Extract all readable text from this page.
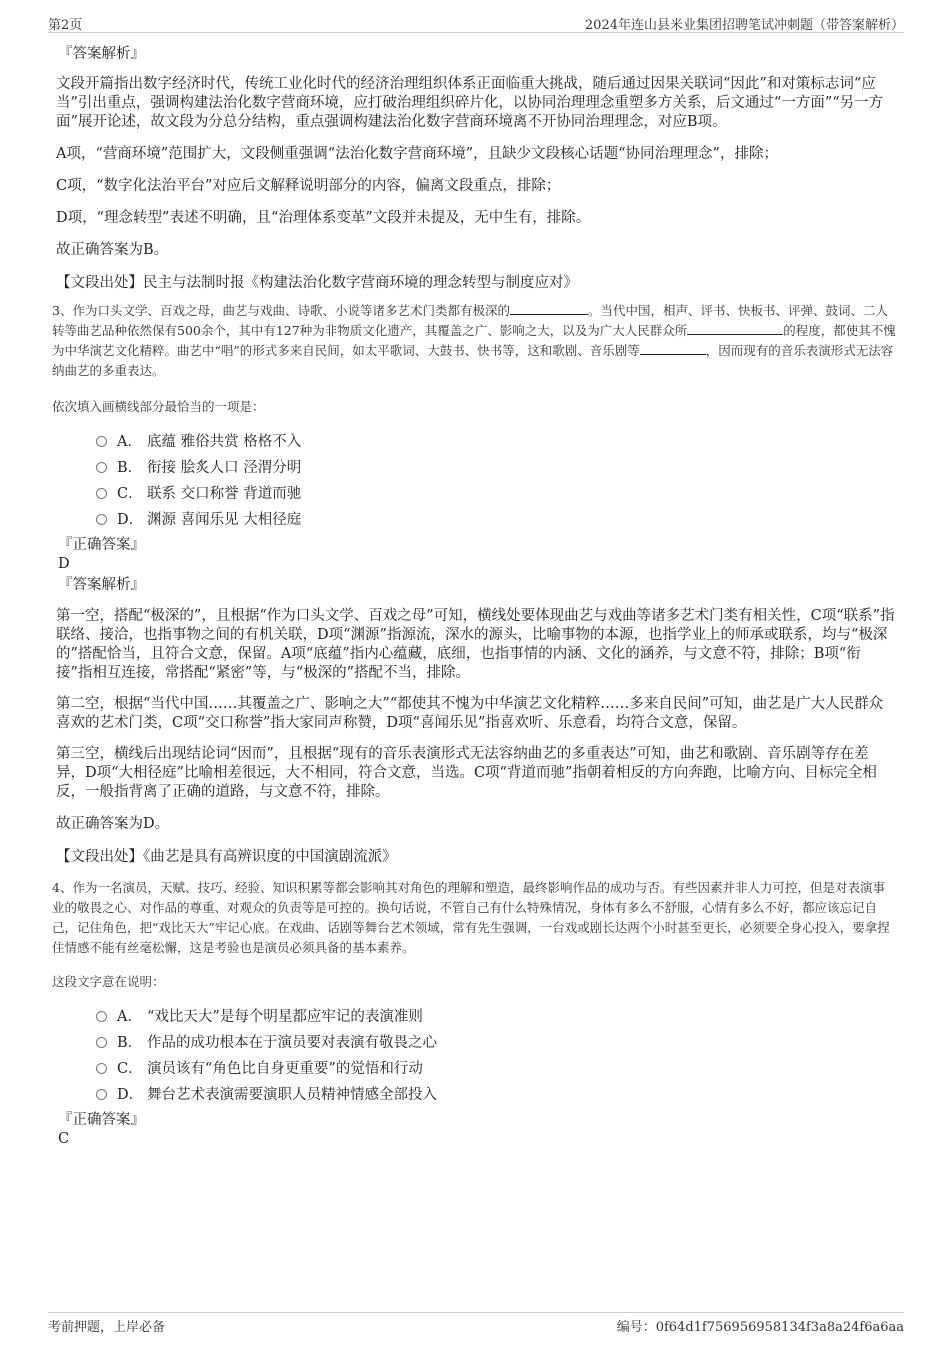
第2页	2024年连山县米业集团招聘笔试冲刺题（带答案解析）
『答案解析』

文段开篇指出数字经济时代，传统工业化时代的经济治理组织体系正面临重大挑战，随后通过因果关联词“因此”和对策标志词“应当”引出重点，强调构建法治化数字营商环境，应打破治理组织碎片化，以协同治理理念重塑多方关系，后文通过“一方面”“另一方面”展开论述，故文段为分总分结构，重点强调构建法治化数字营商环境离不开协同治理理念，对应B项。

A项，“营商环境”范围扩大，文段侧重强调“法治化数字营商环境”，且缺少文段核心话题“协同治理理念”，排除；

C项，“数字化法治平台”对应后文解释说明部分的内容，偏离文段重点，排除；

D项，“理念转型”表述不明确，且“治理体系变革”文段并未提及，无中生有，排除。

故正确答案为B。

【文段出处】民主与法制时报《构建法治化数字营商环境的理念转型与制度应对》

3、作为口头文学、百戏之母，曲艺与戏曲、诗歌、小说等诸多艺术门类都有极深的	。当代中国，相声、评书、快板书、评弹、鼓词、二人转等曲艺品种依然保有500余个，其中有127种为非物质文化遗产，其覆盖之广、影响之大，以及为广大人民群众所	的程度，都使其不愧为中华演艺文化精粹。曲艺中“唱”的形式多来自民间，如太平歌词、大鼓书、快书等，这和歌剧、音乐剧等	，因而现有的音乐表演形式无法容纳曲艺的多重表达。

依次填入画横线部分最恰当的一项是：

A． 底蕴 雅俗共赏 格格不入
B． 衔接 脍炙人口 泾渭分明
C． 联系 交口称誉 背道而驰
D． 渊源 喜闻乐见 大相径庭
『正确答案』

D

『答案解析』

第一空，搭配“极深的”，且根据“作为口头文学、百戏之母”可知，横线处要体现曲艺与戏曲等诸多艺术门类有相关性，C项“联系”指联络、接洽，也指事物之间的有机关联，D项“渊源”指源流，深水的源头，比喻事物的本源，也指学业上的师承或联系，均与“极深的”搭配恰当，且符合文意，保留。A项“底蕴”指内心蕴藏，底细，也指事情的内涵、文化的涵养，与文意不符，排除；B项“衔接”指相互连接，常搭配“紧密”等，与“极深的”搭配不当，排除。

第二空，根据“当代中国……其覆盖之广、影响之大”“都使其不愧为中华演艺文化精粹……多来自民间”可知，曲艺是广大人民群众喜欢的艺术门类，C项“交口称誉”指大家同声称赞，D项“喜闻乐见”指喜欢听、乐意看，均符合文意，保留。

第三空，横线后出现结论词“因而”，且根据“现有的音乐表演形式无法容纳曲艺的多重表达”可知，曲艺和歌剧、音乐剧等存在差异，D项“大相径庭”比喻相差很远，大不相同，符合文意，当选。C项“背道而驰”指朝着相反的方向奔跑，比喻方向、目标完全相反，一般指背离了正确的道路，与文意不符，排除。

故正确答案为D。

【文段出处】《曲艺是具有高辨识度的中国演剧流派》

4、作为一名演员，天赋、技巧、经验、知识积累等都会影响其对角色的理解和塑造，最终影响作品的成功与否。有些因素并非人力可控，但是对表演事业的敬畏之心、对作品的尊重、对观众的负责等是可控的。换句话说，不管自己有什么特殊情况，身体有多么不舒服，心情有多么不好，都应该忘记自己，记住角色，把“戏比天大”牢记心底。在戏曲、话剧等舞台艺术领域，常有先生强调，一台戏或剧长达两个小时甚至更长，必须要全身心投入，要拿捏住情感不能有丝毫松懈，这是考验也是演员必须具备的基本素养。

这段文字意在说明：

A． “戏比天大”是每个明星都应牢记的表演准则
B． 作品的成功根本在于演员要对表演有敬畏之心
C． 演员该有“角色比自身更重要”的觉悟和行动
D． 舞台艺术表演需要演职人员精神情感全部投入
『正确答案』

C

考前押题，上岸必备	编号：0f64d1f756956958134f3a8a24f6a6aa
